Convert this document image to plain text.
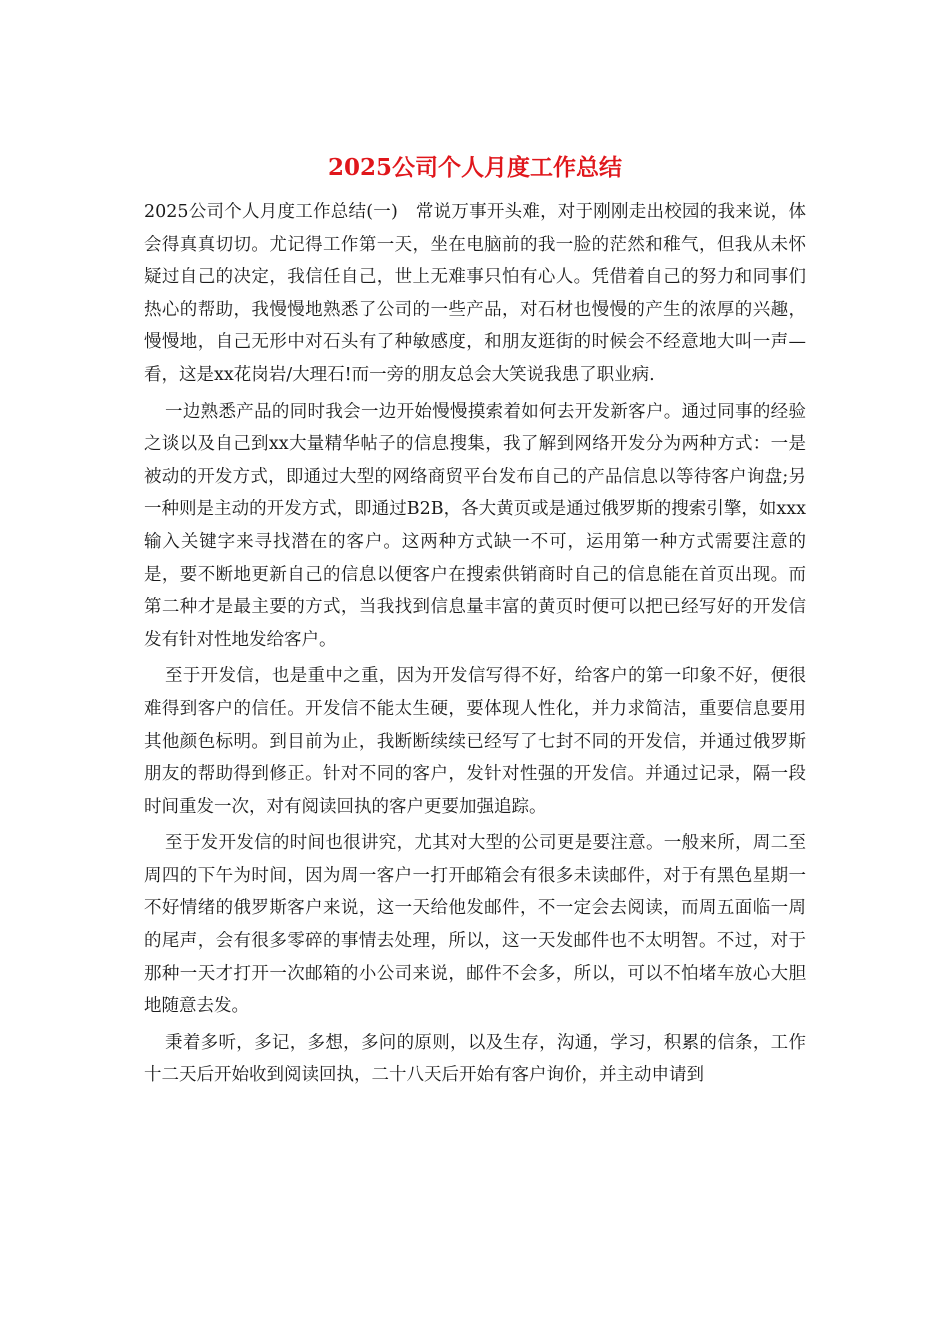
2025公司个人月度工作总结

2025公司个人月度工作总结(一)　常说万事开头难，对于刚刚走出校园的我来说，体会得真真切切。尤记得工作第一天，坐在电脑前的我一脸的茫然和稚气，但我从未怀疑过自己的决定，我信任自己，世上无难事只怕有心人。凭借着自己的努力和同事们热心的帮助，我慢慢地熟悉了公司的一些产品，对石材也慢慢的产生的浓厚的兴趣，慢慢地，自己无形中对石头有了种敏感度，和朋友逛街的时候会不经意地大叫一声—看，这是xx花岗岩/大理石!而一旁的朋友总会大笑说我患了职业病.

一边熟悉产品的同时我会一边开始慢慢摸索着如何去开发新客户。通过同事的经验之谈以及自己到xx大量精华帖子的信息搜集，我了解到网络开发分为两种方式：一是被动的开发方式，即通过大型的网络商贸平台发布自己的产品信息以等待客户询盘;另一种则是主动的开发方式，即通过B2B，各大黄页或是通过俄罗斯的搜索引擎，如xxx输入关键字来寻找潜在的客户。这两种方式缺一不可，运用第一种方式需要注意的是，要不断地更新自己的信息以便客户在搜索供销商时自己的信息能在首页出现。而第二种才是最主要的方式，当我找到信息量丰富的黄页时便可以把已经写好的开发信发有针对性地发给客户。

至于开发信，也是重中之重，因为开发信写得不好，给客户的第一印象不好，便很难得到客户的信任。开发信不能太生硬，要体现人性化，并力求简洁，重要信息要用其他颜色标明。到目前为止，我断断续续已经写了七封不同的开发信，并通过俄罗斯朋友的帮助得到修正。针对不同的客户，发针对性强的开发信。并通过记录，隔一段时间重发一次，对有阅读回执的客户更要加强追踪。

至于发开发信的时间也很讲究，尤其对大型的公司更是要注意。一般来所，周二至周四的下午为时间，因为周一客户一打开邮箱会有很多未读邮件，对于有黑色星期一不好情绪的俄罗斯客户来说，这一天给他发邮件，不一定会去阅读，而周五面临一周的尾声，会有很多零碎的事情去处理，所以，这一天发邮件也不太明智。不过，对于那种一天才打开一次邮箱的小公司来说，邮件不会多，所以，可以不怕堵车放心大胆地随意去发。

秉着多听，多记，多想，多问的原则，以及生存，沟通，学习，积累的信条，工作十二天后开始收到阅读回执，二十八天后开始有客户询价，并主动申请到
